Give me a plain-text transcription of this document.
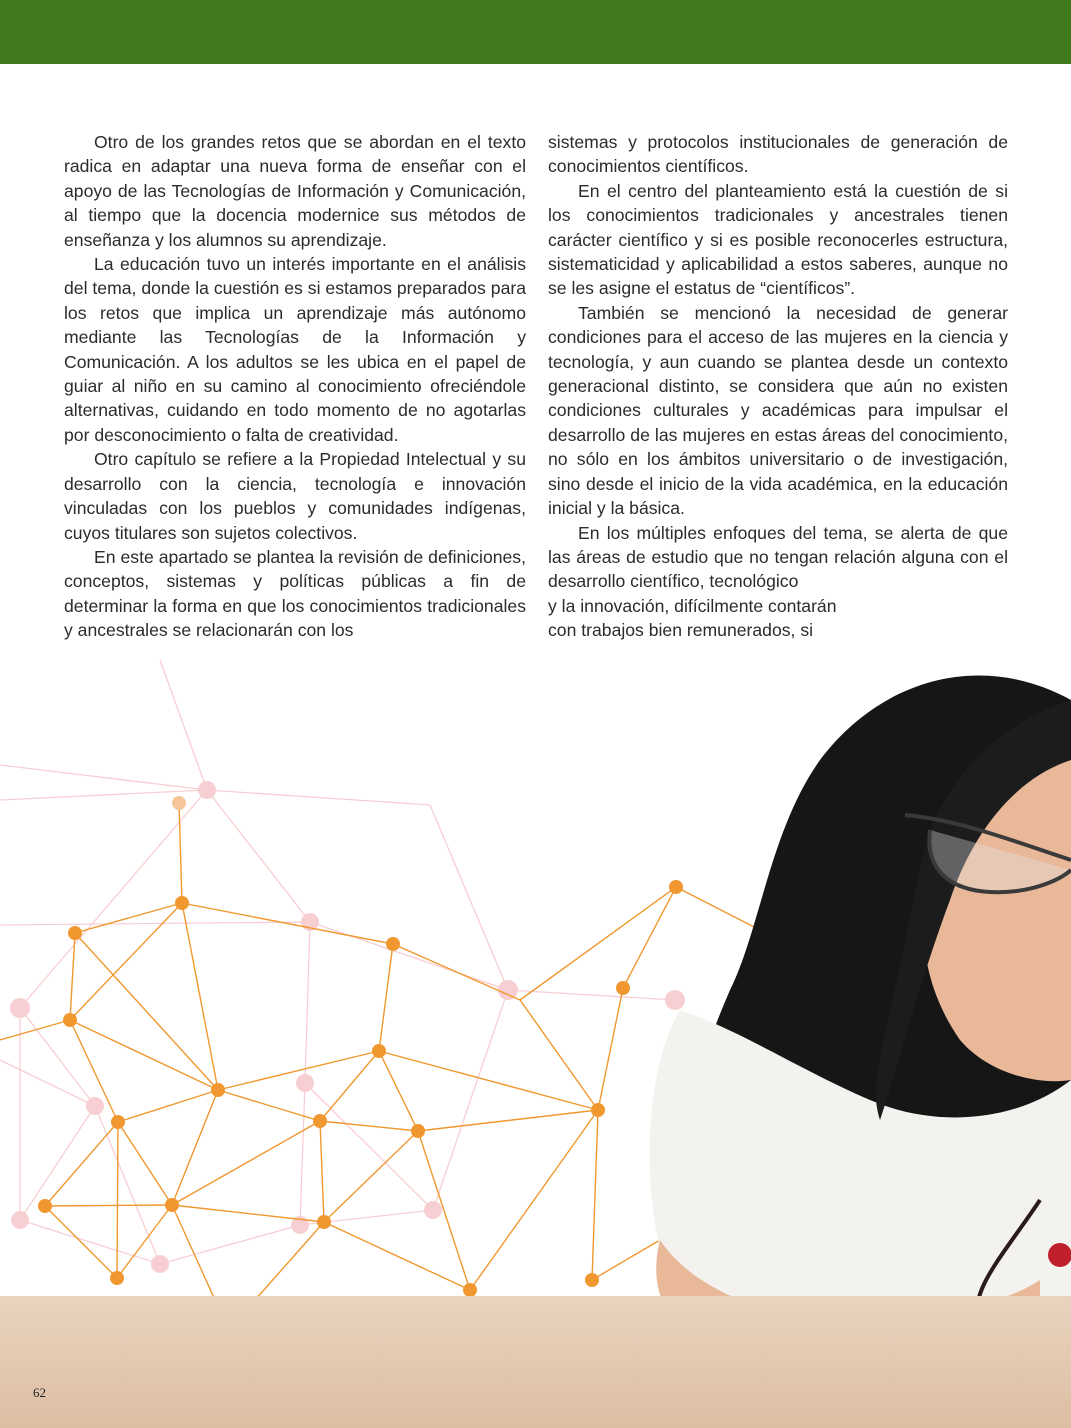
Otro de los grandes retos que se abordan en el texto radica en adaptar una nueva forma de enseñar con el apoyo de las Tecnologías de Información y Comunicación, al tiempo que la docencia modernice sus métodos de enseñanza y los alumnos su aprendizaje.

La educación tuvo un interés importante en el análisis del tema, donde la cuestión es si estamos preparados para los retos que implica un aprendizaje más autónomo mediante las Tecnologías de la Información y Comunicación. A los adultos se les ubica en el papel de guiar al niño en su camino al conocimiento ofreciéndole alternativas, cuidando en todo momento de no agotarlas por desconocimiento o falta de creatividad.

Otro capítulo se refiere a la Propiedad Intelectual y su desarrollo con la ciencia, tecnología e innovación vinculadas con los pueblos y comunidades indígenas, cuyos titulares son sujetos colectivos.

En este apartado se plantea la revisión de definiciones, conceptos, sistemas y políticas públicas a fin de determinar la forma en que los conocimientos tradicionales y ancestrales se relacionarán con los

sistemas y protocolos institucionales de generación de conocimientos científicos.

En el centro del planteamiento está la cuestión de si los conocimientos tradicionales y ancestrales tienen carácter científico y si es posible reconocerles estructura, sistematicidad y aplicabilidad a estos saberes, aunque no se les asigne el estatus de “científicos”.

También se mencionó la necesidad de generar condiciones para el acceso de las mujeres en la ciencia y tecnología, y aun cuando se plantea desde un contexto generacional distinto, se considera que aún no existen condiciones culturales y académicas para impulsar el desarrollo de las mujeres en estas áreas del conocimiento, no sólo en los ámbitos universitario o de investigación, sino desde el inicio de la vida académica, en la educación inicial y la básica.

En los múltiples enfoques del tema, se alerta de que las áreas de estudio que no tengan relación alguna con el desarrollo científico, tecnológico

y la innovación, difícilmente contarán

con trabajos bien remunerados, si

62
